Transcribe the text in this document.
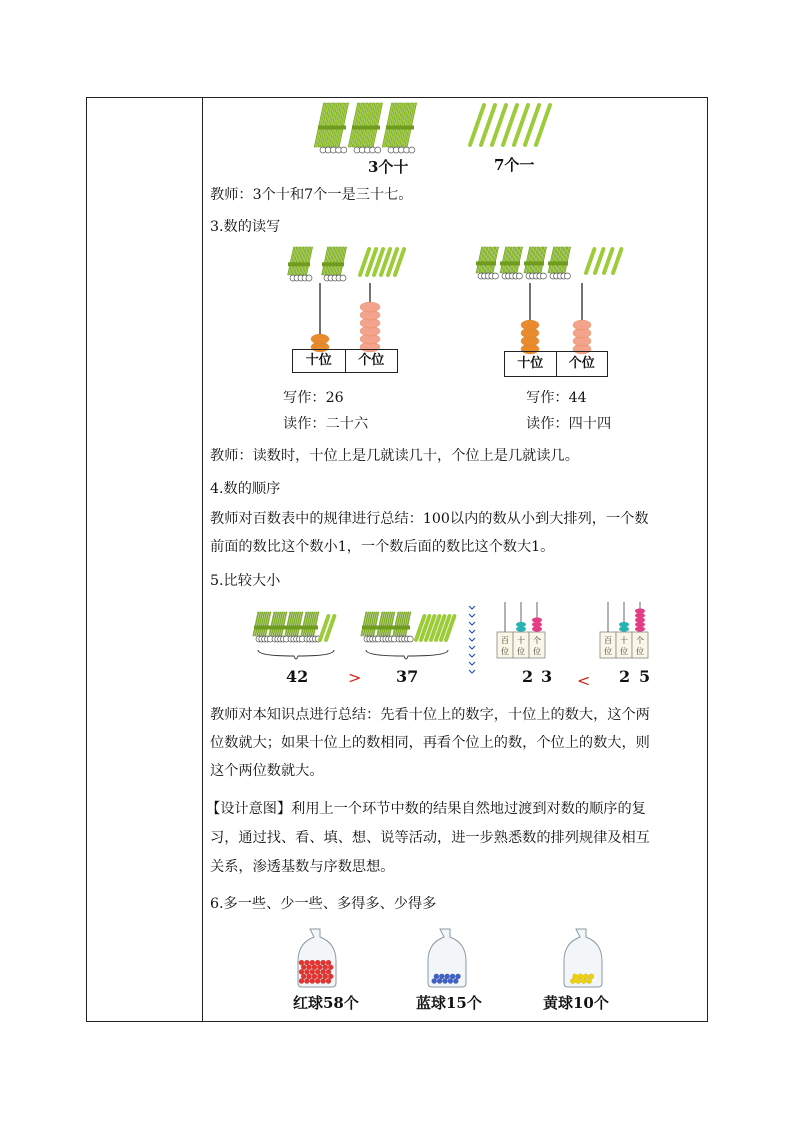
3个十	7个一
教师：3个十和7个一是三十七。
3.数的读写
十位	个位	十位	个位
写作：26
读作：二十六
写作：44
读作：四十四
教师：读数时，十位上是几就读几十，个位上是几就读几。
4.数的顺序
教师对百数表中的规律进行总结：100以内的数从小到大排列，一个数
前面的数比这个数小1，一个数后面的数比这个数大1。
5.比较大小
百
位
十
位
个
位
百
位
十
位
个
位
42 > 37	2 3 < 2 5
教师对本知识点进行总结：先看十位上的数字，十位上的数大，这个两
位数就大；如果十位上的数相同，再看个位上的数，个位上的数大，则
这个两位数就大。
【设计意图】利用上一个环节中数的结果自然地过渡到对数的顺序的复
习，通过找、看、填、想、说等活动，进一步熟悉数的排列规律及相互
关系，渗透基数与序数思想。
6.多一些、少一些、多得多、少得多
红球58个	蓝球15个	黄球10个
